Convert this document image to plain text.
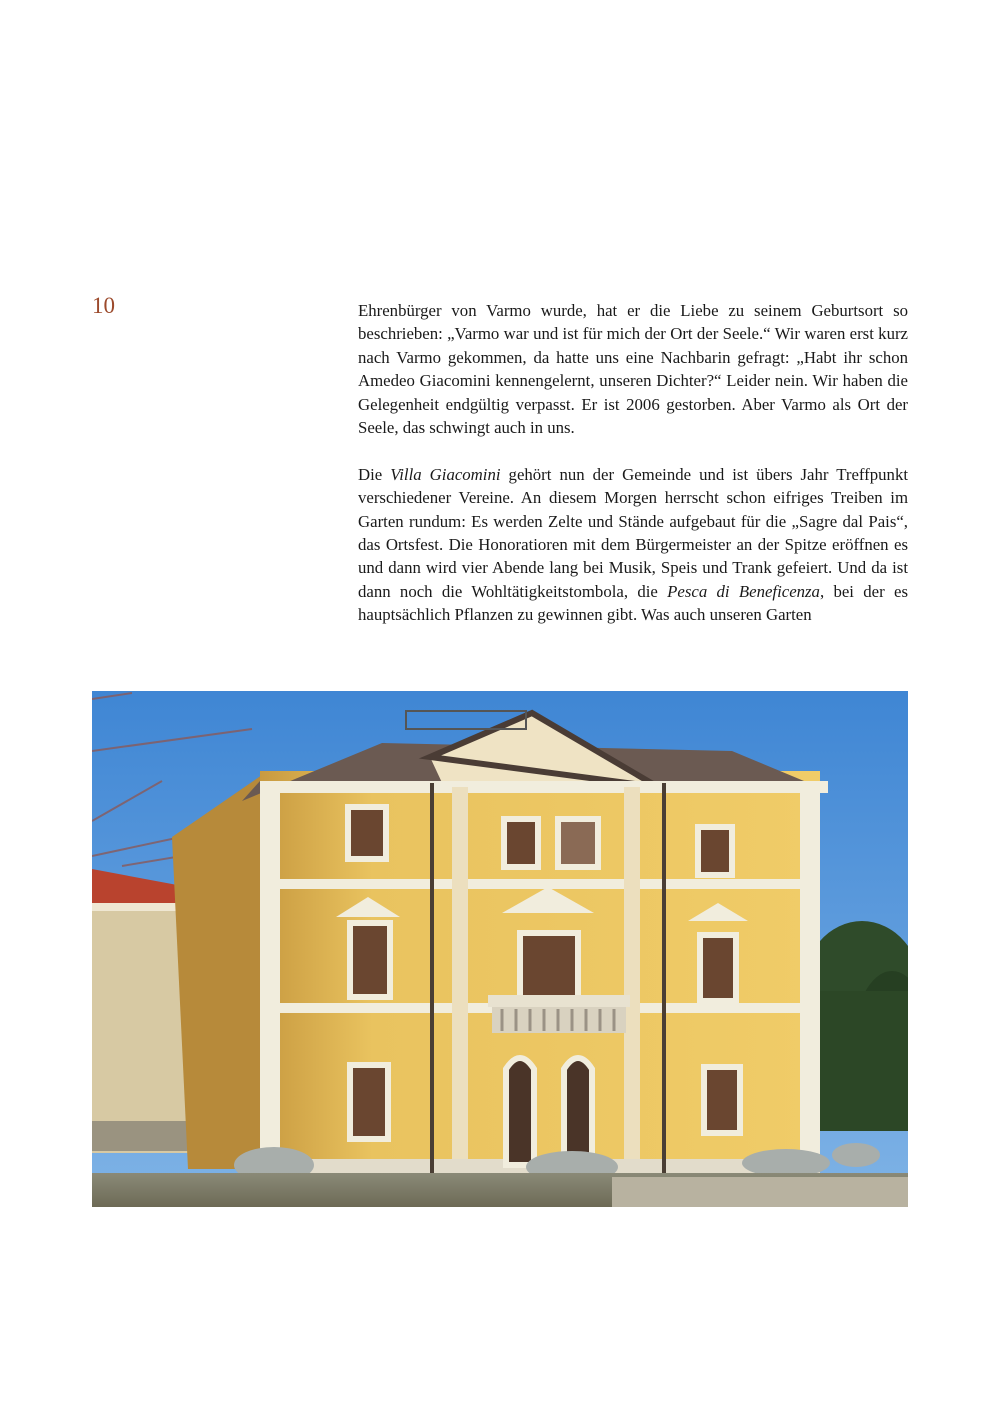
10	Ehrenbürger von Varmo wurde, hat er die Liebe zu seinem Geburtsort so beschrieben: „Varmo war und ist für mich der Ort der Seele.“ Wir waren erst kurz nach Varmo gekommen, da hatte uns eine Nachbarin gefragt: „Habt ihr schon Amedeo Giacomini kennengelernt, unseren Dichter?“ Leider nein. Wir haben die Gelegenheit endgültig verpasst. Er ist 2006 gestorben. Aber Varmo als Ort der Seele, das schwingt auch in uns.

Die Villa Giacomini gehört nun der Gemeinde und ist übers Jahr Treffpunkt verschiedener Vereine. An diesem Morgen herrscht schon eifriges Treiben im Garten rundum: Es werden Zelte und Stände aufgebaut für die „Sagre dal Pais“, das Ortsfest. Die Honoratioren mit dem Bürgermeister an der Spitze eröffnen es und dann wird vier Abende lang bei Musik, Speis und Trank gefeiert. Und da ist dann noch die Wohltätigkeitstombola, die Pesca di Beneficenza, bei der es hauptsächlich Pflanzen zu gewinnen gibt. Was auch unseren Garten
